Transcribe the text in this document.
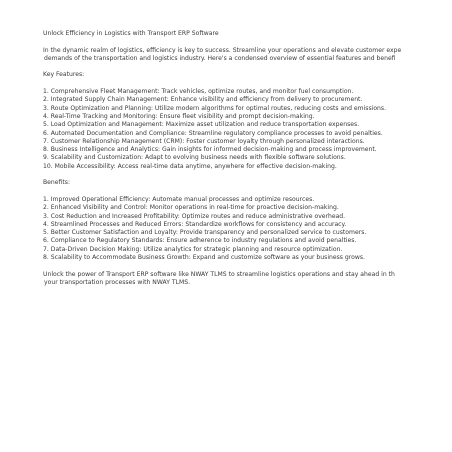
Unlock Efficiency in Logistics with Transport ERP Software

In the dynamic realm of logistics, efficiency is key to success. Streamline your operations and elevate customer expe

demands of the transportation and logistics industry. Here's a condensed overview of essential features and benefi

Key Features:

1. Comprehensive Fleet Management: Track vehicles, optimize routes, and monitor fuel consumption.

2. Integrated Supply Chain Management: Enhance visibility and efficiency from delivery to procurement.

3. Route Optimization and Planning: Utilize modern algorithms for optimal routes, reducing costs and emissions.

4. Real-Time Tracking and Monitoring: Ensure fleet visibility and prompt decision-making.

5. Load Optimization and Management: Maximize asset utilization and reduce transportation expenses.

6. Automated Documentation and Compliance: Streamline regulatory compliance processes to avoid penalties.

7. Customer Relationship Management (CRM): Foster customer loyalty through personalized interactions.

8. Business Intelligence and Analytics: Gain insights for informed decision-making and process improvement.

9. Scalability and Customization: Adapt to evolving business needs with flexible software solutions.

10. Mobile Accessibility: Access real-time data anytime, anywhere for effective decision-making.

Benefits:

1. Improved Operational Efficiency: Automate manual processes and optimize resources.

2. Enhanced Visibility and Control: Monitor operations in real-time for proactive decision-making.

3. Cost Reduction and Increased Profitability: Optimize routes and reduce administrative overhead.

4. Streamlined Processes and Reduced Errors: Standardize workflows for consistency and accuracy.

5. Better Customer Satisfaction and Loyalty: Provide transparency and personalized service to customers.

6. Compliance to Regulatory Standards: Ensure adherence to industry regulations and avoid penalties.

7. Data-Driven Decision Making: Utilize analytics for strategic planning and resource optimization.

8. Scalability to Accommodate Business Growth: Expand and customize software as your business grows.

Unlock the power of Transport ERP software like NWAY TLMS to streamline logistics operations and stay ahead in th

your transportation processes with NWAY TLMS.
